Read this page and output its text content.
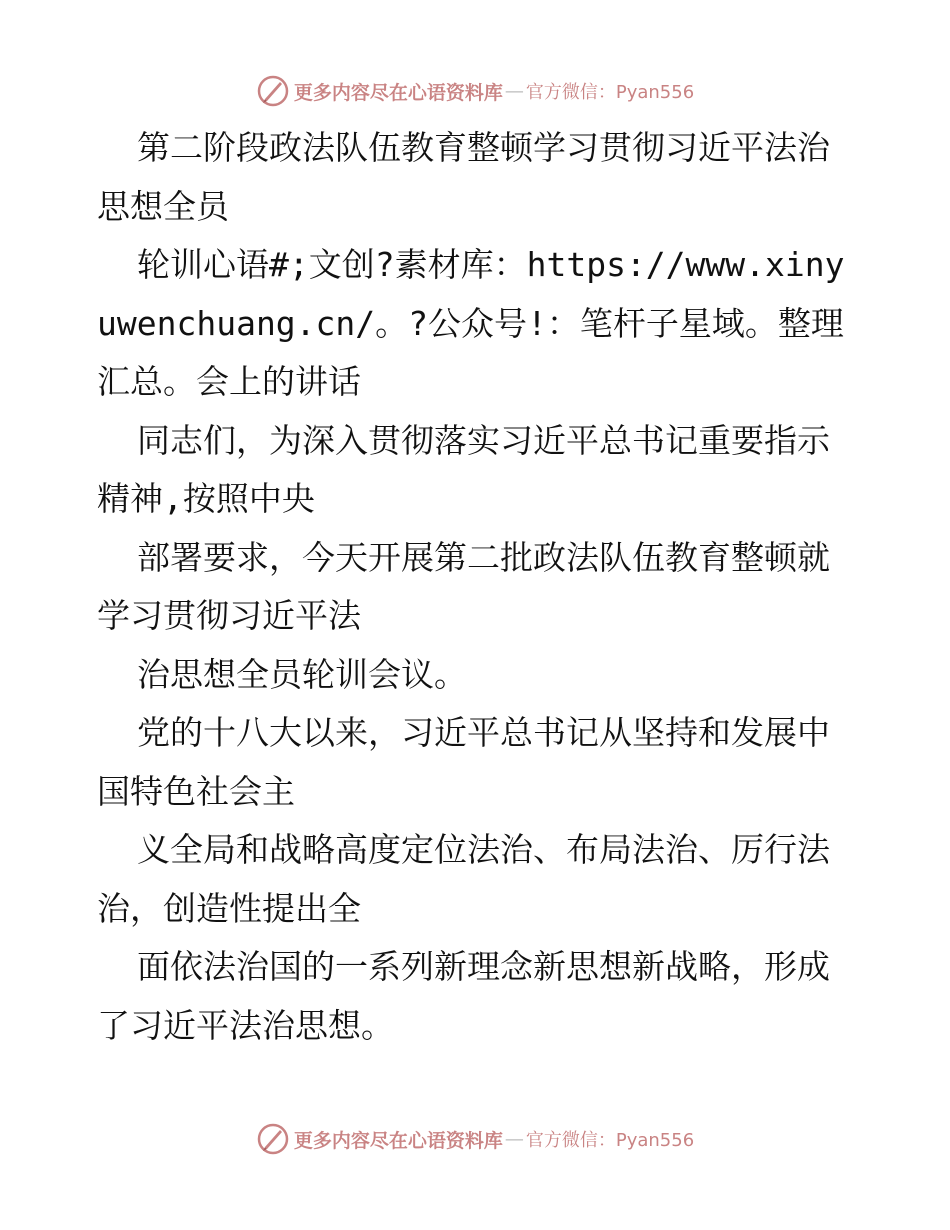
更多内容尽在心语资料库 — 官方微信：Pyan556

第二阶段政法队伍教育整顿学习贯彻习近平法治思想全员

轮训心语#;文创?素材库：https://www.xinyuwenchuang.cn/。?公众号!：笔杆子星域。整理汇总。会上的讲话

同志们，为深入贯彻落实习近平总书记重要指示精神,按照中央

部署要求，今天开展第二批政法队伍教育整顿就学习贯彻习近平法

治思想全员轮训会议。

党的十八大以来，习近平总书记从坚持和发展中国特色社会主

义全局和战略高度定位法治、布局法治、厉行法治，创造性提出全

面依法治国的一系列新理念新思想新战略，形成了习近平法治思想。

更多内容尽在心语资料库 — 官方微信：Pyan556
